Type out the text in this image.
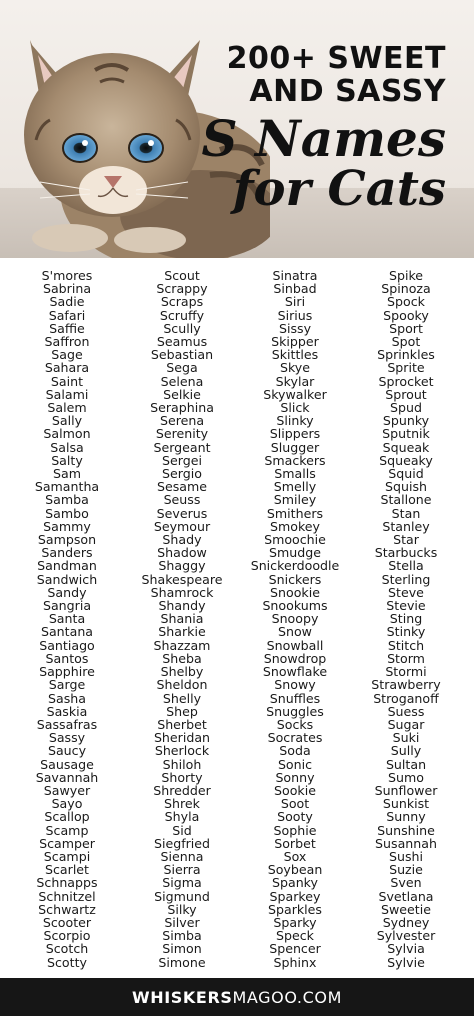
200+ SWEET
AND SASSY
S Names
for Cats
S'mores
Sabrina
Sadie
Safari
Saffie
Saffron
Sage
Sahara
Saint
Salami
Salem
Sally
Salmon
Salsa
Salty
Sam
Samantha
Samba
Sambo
Sammy
Sampson
Sanders
Sandman
Sandwich
Sandy
Sangria
Santa
Santana
Santiago
Santos
Sapphire
Sarge
Sasha
Saskia
Sassafras
Sassy
Saucy
Sausage
Savannah
Sawyer
Sayo
Scallop
Scamp
Scamper
Scampi
Scarlet
Schnapps
Schnitzel
Schwartz
Scooter
Scorpio
Scotch
Scotty
Scout
Scrappy
Scraps
Scruffy
Scully
Seamus
Sebastian
Sega
Selena
Selkie
Seraphina
Serena
Serenity
Sergeant
Sergei
Sergio
Sesame
Seuss
Severus
Seymour
Shady
Shadow
Shaggy
Shakespeare
Shamrock
Shandy
Shania
Sharkie
Shazzam
Sheba
Shelby
Sheldon
Shelly
Shep
Sherbet
Sheridan
Sherlock
Shiloh
Shorty
Shredder
Shrek
Shyla
Sid
Siegfried
Sienna
Sierra
Sigma
Sigmund
Silky
Silver
Simba
Simon
Simone
Sinatra
Sinbad
Siri
Sirius
Sissy
Skipper
Skittles
Skye
Skylar
Skywalker
Slick
Slinky
Slippers
Slugger
Smackers
Smalls
Smelly
Smiley
Smithers
Smokey
Smoochie
Smudge
Snickerdoodle
Snickers
Snookie
Snookums
Snoopy
Snow
Snowball
Snowdrop
Snowflake
Snowy
Snuffles
Snuggles
Socks
Socrates
Soda
Sonic
Sonny
Sookie
Soot
Sooty
Sophie
Sorbet
Sox
Soybean
Spanky
Sparkey
Sparkles
Sparky
Speck
Spencer
Sphinx
Spike
Spinoza
Spock
Spooky
Sport
Spot
Sprinkles
Sprite
Sprocket
Sprout
Spud
Spunky
Sputnik
Squeak
Squeaky
Squid
Squish
Stallone
Stan
Stanley
Star
Starbucks
Stella
Sterling
Steve
Stevie
Sting
Stinky
Stitch
Storm
Stormi
Strawberry
Stroganoff
Suess
Sugar
Suki
Sully
Sultan
Sumo
Sunflower
Sunkist
Sunny
Sunshine
Susannah
Sushi
Suzie
Sven
Svetlana
Sweetie
Sydney
Sylvester
Sylvia
Sylvie
WHISKERSMAGOO.COM
